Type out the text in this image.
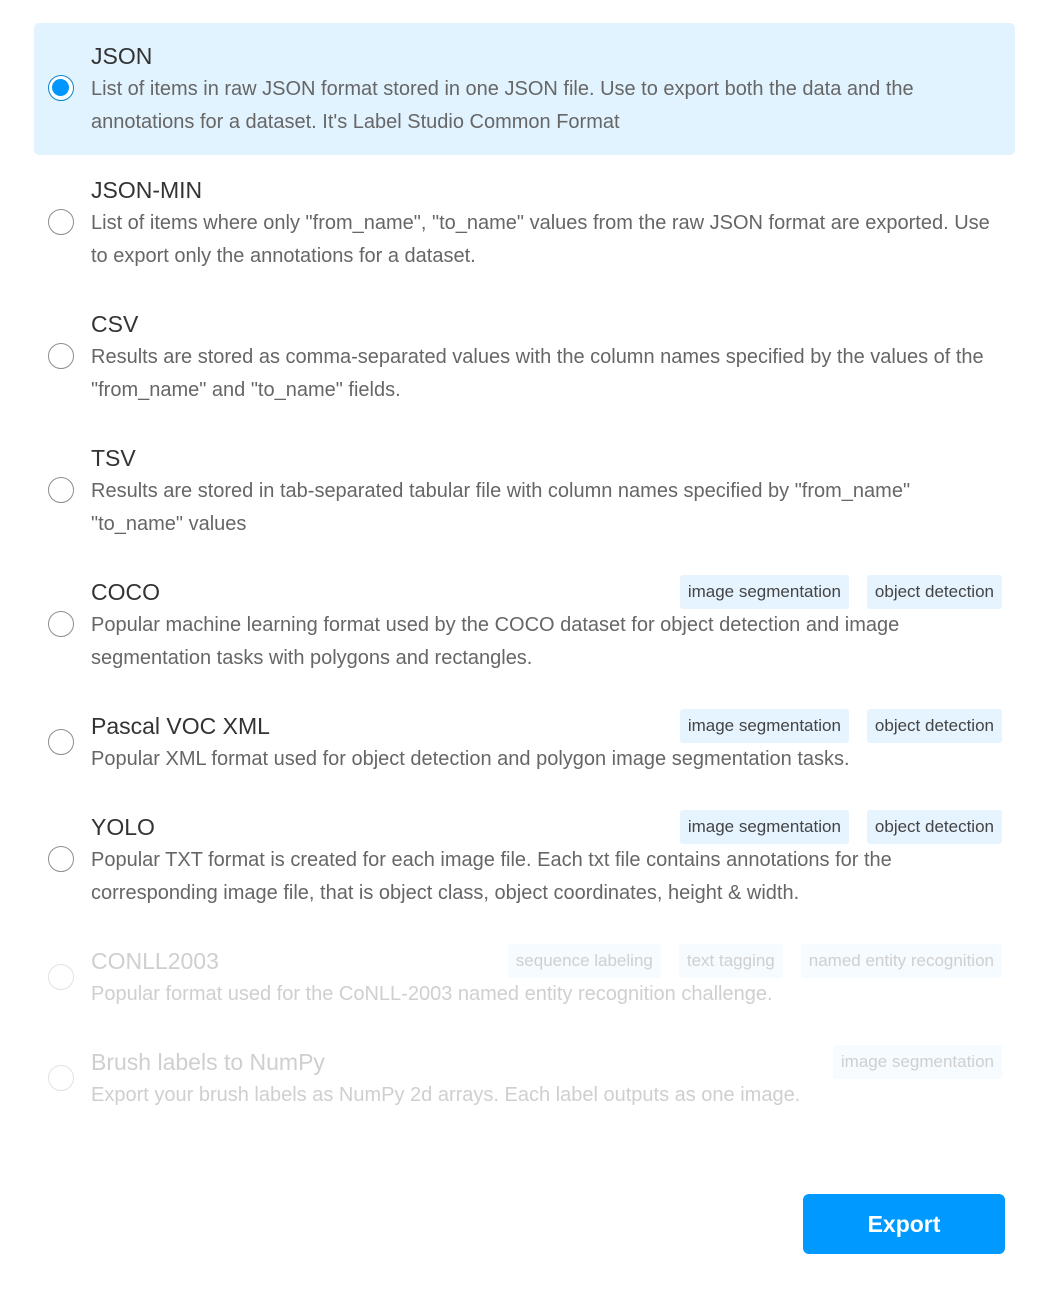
JSON
List of items in raw JSON format stored in one JSON file. Use to export both the data and the annotations for a dataset. It's Label Studio Common Format
JSON-MIN
List of items where only "from_name", "to_name" values from the raw JSON format are exported. Use to export only the annotations for a dataset.
CSV
Results are stored as comma-separated values with the column names specified by the values of the "from_name" and "to_name" fields.
TSV
Results are stored in tab-separated tabular file with column names specified by "from_name" "to_name" values
COCO	image segmentation	object detection
Popular machine learning format used by the COCO dataset for object detection and image segmentation tasks with polygons and rectangles.
Pascal VOC XML	image segmentation	object detection
Popular XML format used for object detection and polygon image segmentation tasks.
YOLO	image segmentation	object detection
Popular TXT format is created for each image file. Each txt file contains annotations for the corresponding image file, that is object class, object coordinates, height & width.
CONLL2003	sequence labeling	text tagging	named entity recognition
Popular format used for the CoNLL-2003 named entity recognition challenge.
Brush labels to NumPy	image segmentation
Export your brush labels as NumPy 2d arrays. Each label outputs as one image.
Export
